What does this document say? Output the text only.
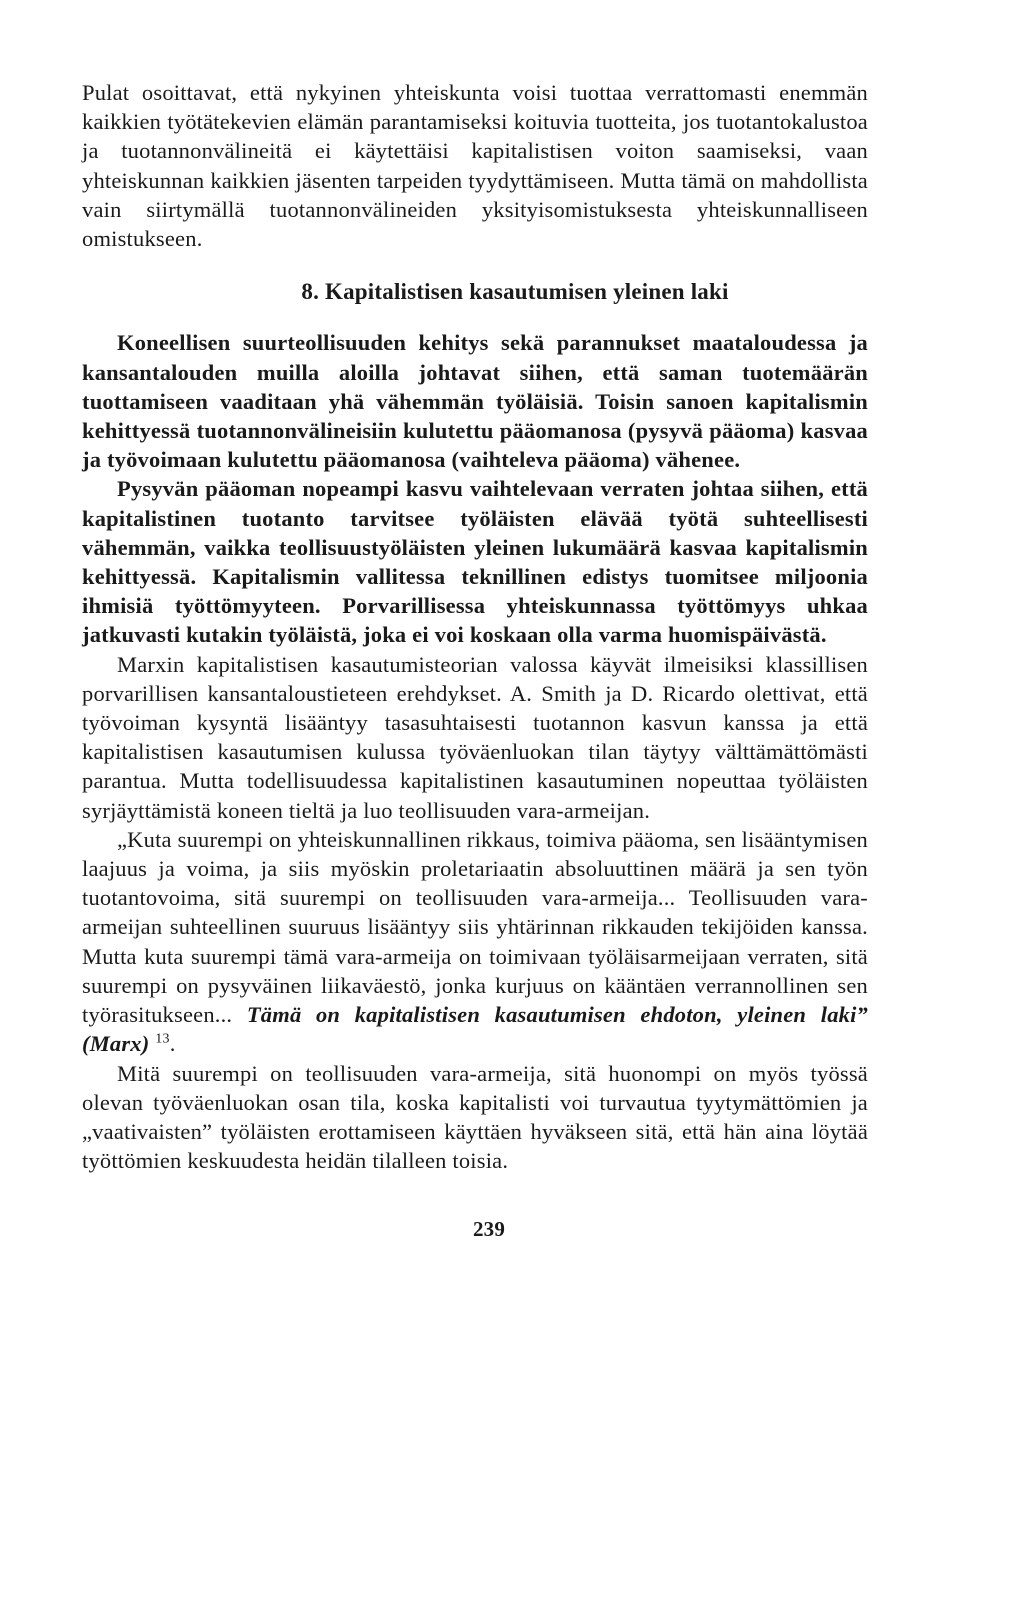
Pulat osoittavat, että nykyinen yhteiskunta voisi tuottaa verrattomasti enemmän kaikkien työtätekevien elämän parantamiseksi koituvia tuotteita, jos tuotantokalustoa ja tuotannonvälineitä ei käytettäisi kapitalistisen voiton saamiseksi, vaan yhteiskunnan kaikkien jäsenten tarpeiden tyydyttämiseen. Mutta tämä on mahdollista vain siirtymällä tuotannonvälineiden yksityisomistuksesta yhteiskunnalliseen omistukseen.

8. Kapitalistisen kasautumisen yleinen laki

Koneellisen suurteollisuuden kehitys sekä parannukset maataloudessa ja kansantalouden muilla aloilla johtavat siihen, että saman tuotemäärän tuottamiseen vaaditaan yhä vähemmän työläisiä. Toisin sanoen kapitalismin kehittyessä tuotannonvälineisiin kulutettu pääomanosa (pysyvä pääoma) kasvaa ja työvoimaan kulutettu pääomanosa (vaihteleva pääoma) vähenee.

Pysyvän pääoman nopeampi kasvu vaihtelevaan verraten johtaa siihen, että kapitalistinen tuotanto tarvitsee työläisten elävää työtä suhteellisesti vähemmän, vaikka teollisuustyöläisten yleinen lukumäärä kasvaa kapitalismin kehittyessä. Kapitalismin vallitessa teknillinen edistys tuomitsee miljoonia ihmisiä työttömyyteen. Porvarillisessa yhteiskunnassa työttömyys uhkaa jatkuvasti kutakin työläistä, joka ei voi koskaan olla varma huomispäivästä.

Marxin kapitalistisen kasautumisteorian valossa käyvät ilmeisiksi klassillisen porvarillisen kansantaloustieteen erehdykset. A. Smith ja D. Ricardo olettivat, että työvoiman kysyntä lisääntyy tasasuhtaisesti tuotannon kasvun kanssa ja että kapitalistisen kasautumisen kulussa työväenluokan tilan täytyy välttämättömästi parantua. Mutta todellisuudessa kapitalistinen kasautuminen nopeuttaa työläisten syrjäyttämistä koneen tieltä ja luo teollisuuden vara-armeijan.

„Kuta suurempi on yhteiskunnallinen rikkaus, toimiva pääoma, sen lisääntymisen laajuus ja voima, ja siis myöskin proletariaatin absoluuttinen määrä ja sen työn tuotantovoima, sitä suurempi on teollisuuden vara-armeija... Teollisuuden vara-armeijan suhteellinen suuruus lisääntyy siis yhtärinnan rikkauden tekijöiden kanssa. Mutta kuta suurempi tämä vara-armeija on toimivaan työläisarmeijaan verraten, sitä suurempi on pysyväinen liikaväestö, jonka kurjuus on kääntäen verrannollinen sen työrasitukseen... Tämä on kapitalistisen kasautumisen ehdoton, yleinen laki” (Marx) $^{13}$.

Mitä suurempi on teollisuuden vara-armeija, sitä huonompi on myös työssä olevan työväenluokan osan tila, koska kapitalisti voi turvautua tyytymättömien ja „vaativaisten” työläisten erottamiseen käyttäen hyväkseen sitä, että hän aina löytää työttömien keskuudesta heidän tilalleen toisia.

239
